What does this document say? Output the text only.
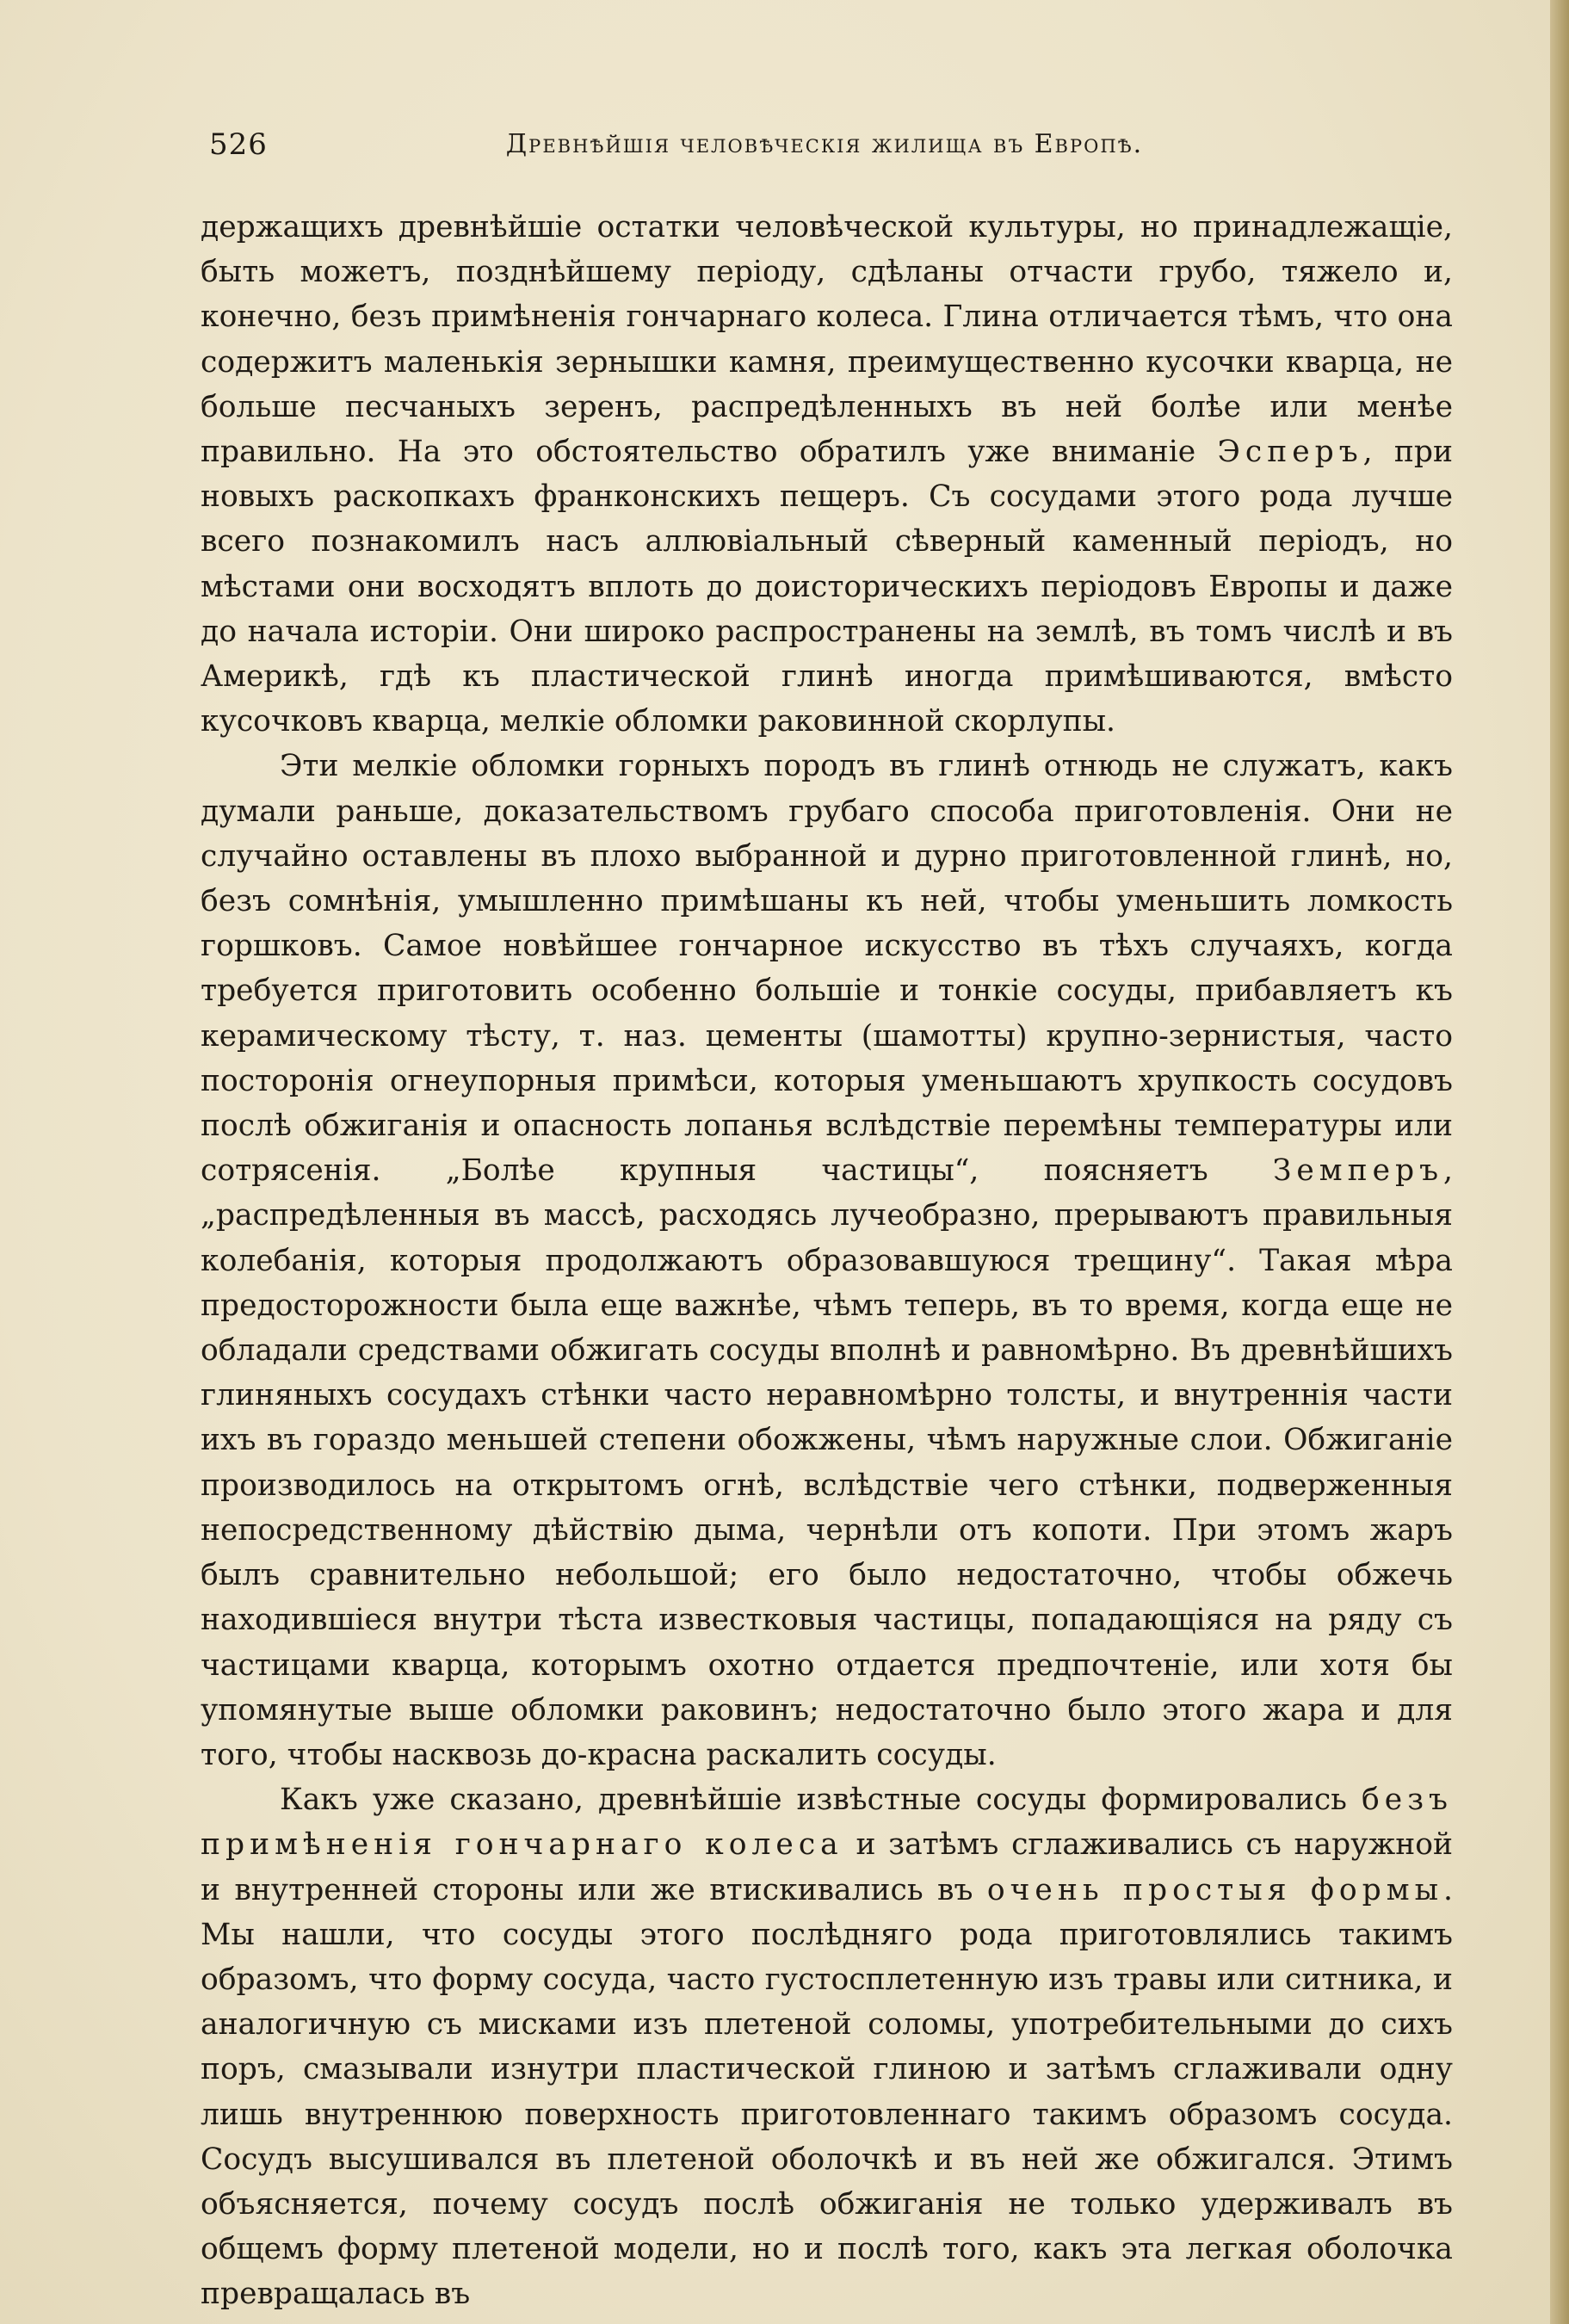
526	Древнѣйшія человѣческія жилища въ Европѣ.

держащихъ древнѣйшіе остатки человѣческой культуры, но принадлежащіе, быть можетъ, позднѣйшему періоду, сдѣланы отчасти грубо, тяжело и, конечно, безъ примѣненія гончарнаго колеса. Глина отличается тѣмъ, что она содержитъ маленькія зернышки камня, преимущественно кусочки кварца, не больше песчаныхъ зеренъ, распредѣленныхъ въ ней болѣе или менѣе правильно. На это обстоятельство обратилъ уже вниманіе Эсперъ, при новыхъ раскопкахъ франконскихъ пещеръ. Съ сосудами этого рода лучше всего познакомилъ насъ аллювіальный сѣверный каменный періодъ, но мѣстами они восходятъ вплоть до доисторическихъ періодовъ Европы и даже до начала исторіи. Они широко распространены на землѣ, въ томъ числѣ и въ Америкѣ, гдѣ къ пластической глинѣ иногда примѣшиваются, вмѣсто кусочковъ кварца, мелкіе обломки раковинной скорлупы.

Эти мелкіе обломки горныхъ породъ въ глинѣ отнюдь не служатъ, какъ думали раньше, доказательствомъ грубаго способа приготовленія. Они не случайно оставлены въ плохо выбранной и дурно приготовленной глинѣ, но, безъ сомнѣнія, умышленно примѣшаны къ ней, чтобы уменьшить ломкость горшковъ. Самое новѣйшее гончарное искусство въ тѣхъ случаяхъ, когда требуется приготовить особенно большіе и тонкіе сосуды, прибавляетъ къ керамическому тѣсту, т. наз. цементы (шамотты) крупно-зернистыя, часто посторонія огнеупорныя примѣси, которыя уменьшаютъ хрупкость сосудовъ послѣ обжиганія и опасность лопанья вслѣдствіе перемѣны температуры или сотрясенія. „Болѣе крупныя частицы“, поясняетъ Земперъ, „распредѣленныя въ массѣ, расходясь лучеобразно, прерываютъ правильныя колебанія, которыя продолжаютъ образовавшуюся трещину“. Такая мѣра предосторожности была еще важнѣе, чѣмъ теперь, въ то время, когда еще не обладали средствами обжигать сосуды вполнѣ и равномѣрно. Въ древнѣйшихъ глиняныхъ сосудахъ стѣнки часто неравномѣрно толсты, и внутреннія части ихъ въ гораздо меньшей степени обожжены, чѣмъ наружные слои. Обжиганіе производилось на открытомъ огнѣ, вслѣдствіе чего стѣнки, подверженныя непосредственному дѣйствію дыма, чернѣли отъ копоти. При этомъ жаръ былъ сравнительно небольшой; его было недостаточно, чтобы обжечь находившіеся внутри тѣста известковыя частицы, попадающіяся на ряду съ частицами кварца, которымъ охотно отдается предпочтеніе, или хотя бы упомянутые выше обломки раковинъ; недостаточно было этого жара и для того, чтобы насквозь до-красна раскалить сосуды.

Какъ уже сказано, древнѣйшіе извѣстные сосуды формировались безъ примѣненія гончарнаго колеса и затѣмъ сглаживались съ наружной и внутренней стороны или же втискивались въ очень простыя формы. Мы нашли, что сосуды этого послѣдняго рода приготовлялись такимъ образомъ, что форму сосуда, часто густосплетенную изъ травы или ситника, и аналогичную съ мисками изъ плетеной соломы, употребительными до сихъ поръ, смазывали изнутри пластической глиною и затѣмъ сглаживали одну лишь внутреннюю поверхность приготовленнаго такимъ образомъ сосуда. Сосудъ высушивался въ плетеной оболочкѣ и въ ней же обжигался. Этимъ объясняется, почему сосудъ послѣ обжиганія не только удерживалъ въ общемъ форму плетеной модели, но и послѣ того, какъ эта легкая оболочка превращалась въ
